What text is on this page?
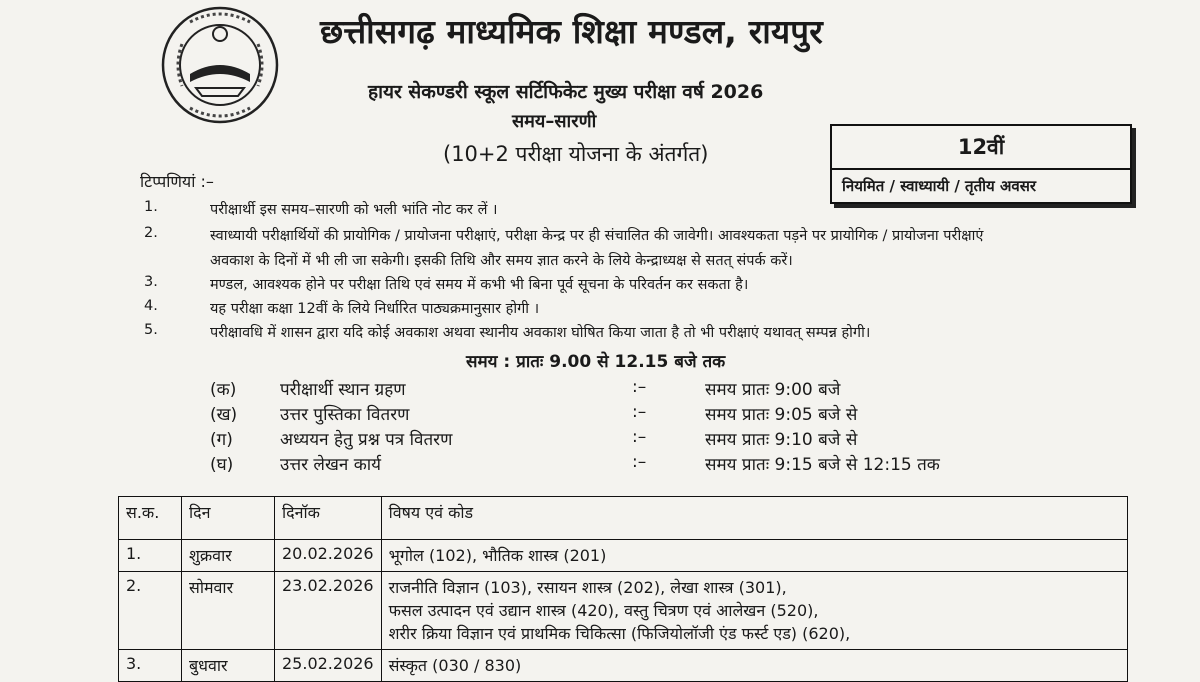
छत्तीसगढ़ माध्यमिक शिक्षा मण्डल, रायपुर
हायर सेकण्डरी स्कूल सर्टिफिकेट मुख्य परीक्षा वर्ष 2026
समय–सारणी
(10+2 परीक्षा योजना के अंतर्गत)	12वीं
नियमित / स्वाध्यायी / तृतीय अवसर
टिप्पणियां :–
1.	परीक्षार्थी इस समय–सारणी को भली भांति नोट कर लें ।
2.	स्वाध्यायी परीक्षार्थियों की प्रायोगिक / प्रायोजना परीक्षाएं, परीक्षा केन्द्र पर ही संचालित की जावेगी। आवश्यकता पड़ने पर प्रायोगिक / प्रायोजना परीक्षाएं
अवकाश के दिनों में भी ली जा सकेगी। इसकी तिथि और समय ज्ञात करने के लिये केन्द्राध्यक्ष से सतत् संपर्क करें।
3.	मण्डल, आवश्यक होने पर परीक्षा तिथि एवं समय में कभी भी बिना पूर्व सूचना के परिवर्तन कर सकता है।
4.	यह परीक्षा कक्षा 12वीं के लिये निर्धारित पाठ्यक्रमानुसार होगी ।
5.	परीक्षावधि में शासन द्वारा यदि कोई अवकाश अथवा स्थानीय अवकाश घोषित किया जाता है तो भी परीक्षाएं यथावत् सम्पन्न होगी।
समय : प्रातः 9.00 से 12.15 बजे तक
(क)	परीक्षार्थी स्थान ग्रहण	:–	समय प्रातः 9:00 बजे
(ख)	उत्तर पुस्तिका वितरण	:–	समय प्रातः 9:05 बजे से
(ग)	अध्ययन हेतु प्रश्न पत्र वितरण	:–	समय प्रातः 9:10 बजे से
(घ)	उत्तर लेखन कार्य	:–	समय प्रातः 9:15 बजे से 12:15 तक
स.क.	दिन	दिनॉक	विषय एवं कोड
1.	शुक्रवार	20.02.2026	भूगोल (102), भौतिक शास्त्र (201)

2.	सोमवार	23.02.2026	राजनीति विज्ञान (103), रसायन शास्त्र (202), लेखा शास्त्र (301),
फसल उत्पादन एवं उद्यान शास्त्र (420), वस्तु चित्रण एवं आलेखन (520),
शरीर क्रिया विज्ञान एवं प्राथमिक चिकित्सा (फिजियोलॉजी एंड फर्स्ट एड) (620),

3.	बुधवार	25.02.2026	संस्कृत (030 / 830)
